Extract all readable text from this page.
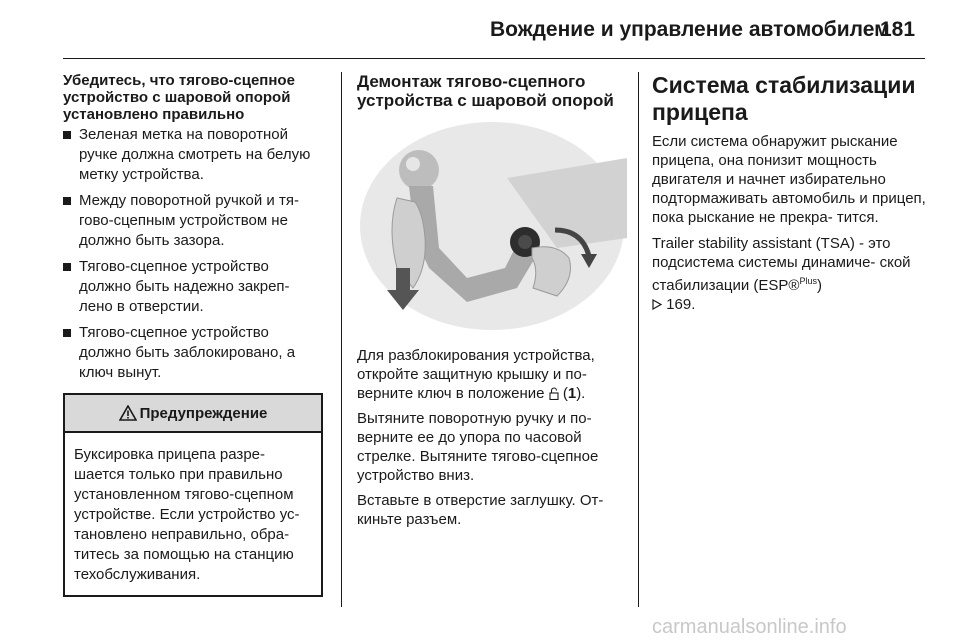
Вождение и управление автомобилем
181

Убедитесь, что тягово-сцепное устройство с шаровой опорой установлено правильно

Зеленая метка на поворотной ручке должна смотреть на белую метку устройства.
Между поворотной ручкой и тя- гово-сцепным устройством не должно быть зазора.
Тягово-сцепное устройство должно быть надежно закреп- лено в отверстии.
Тягово-сцепное устройство должно быть заблокировано, а ключ вынут.
Предупреждение
Буксировка прицепа разре- шается только при правильно установленном тягово-сцепном устройстве. Если устройство ус- тановлено неправильно, обра- титесь за помощью на станцию техобслуживания.

Демонтаж тягово-сцепного устройства с шаровой опорой

Для разблокирования устройства, откройте защитную крышку и по- верните ключ в положение  (1).

Вытяните поворотную ручку и по- верните ее до упора по часовой стрелке. Вытяните тягово-сцепное устройство вниз.

Вставьте в отверстие заглушку. От- киньте разъем.

Система стабилизации прицепа

Если система обнаружит рыскание прицепа, она понизит мощность двигателя и начнет избирательно подтормаживать автомобиль и прицеп, пока рыскание не прекра- тится.

Trailer stability assistant (TSA) - это подсистема системы динамиче- ской стабилизации (ESP®$^{Plus}$)
169.

carmanualsonline.info
